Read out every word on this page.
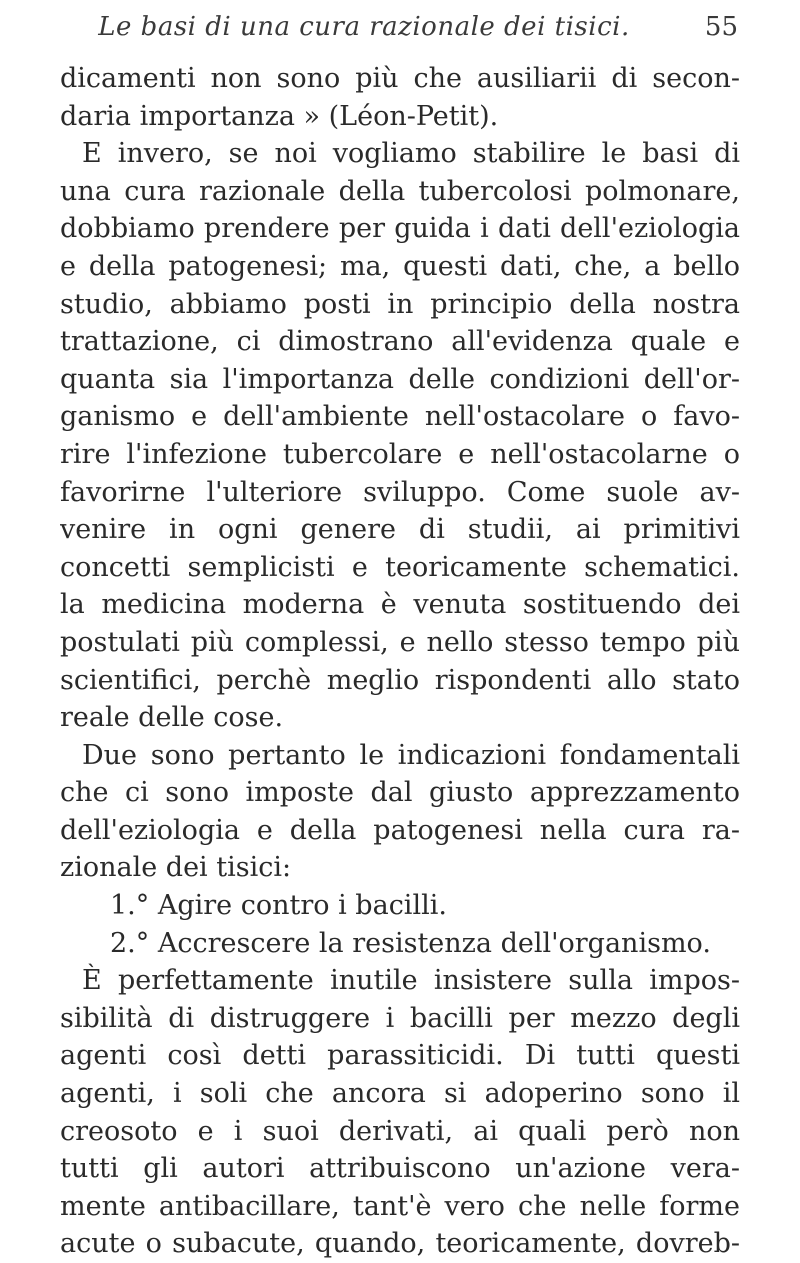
Le basi di una cura razionale dei tisici.	55
dicamenti non sono più che ausiliarii di secon-
daria importanza » (Léon-Petit).
E invero, se noi vogliamo stabilire le basi di
una cura razionale della tubercolosi polmonare,
dobbiamo prendere per guida i dati dell'eziologia
e della patogenesi; ma, questi dati, che, a bello
studio, abbiamo posti in principio della nostra
trattazione, ci dimostrano all'evidenza quale e
quanta sia l'importanza delle condizioni dell'or-
ganismo e dell'ambiente nell'ostacolare o favo-
rire l'infezione tubercolare e nell'ostacolarne o
favorirne l'ulteriore sviluppo. Come suole av-
venire in ogni genere di studii, ai primitivi
concetti semplicisti e teoricamente schematici.
la medicina moderna è venuta sostituendo dei
postulati più complessi, e nello stesso tempo più
scientifici, perchè meglio rispondenti allo stato
reale delle cose.
Due sono pertanto le indicazioni fondamentali
che ci sono imposte dal giusto apprezzamento
dell'eziologia e della patogenesi nella cura ra-
zionale dei tisici:
1.° Agire contro i bacilli.
2.° Accrescere la resistenza dell'organismo.
È perfettamente inutile insistere sulla impos-
sibilità di distruggere i bacilli per mezzo degli
agenti così detti parassiticidi. Di tutti questi
agenti, i soli che ancora si adoperino sono il
creosoto e i suoi derivati, ai quali però non
tutti gli autori attribuiscono un'azione vera-
mente antibacillare, tant'è vero che nelle forme
acute o subacute, quando, teoricamente, dovreb-
